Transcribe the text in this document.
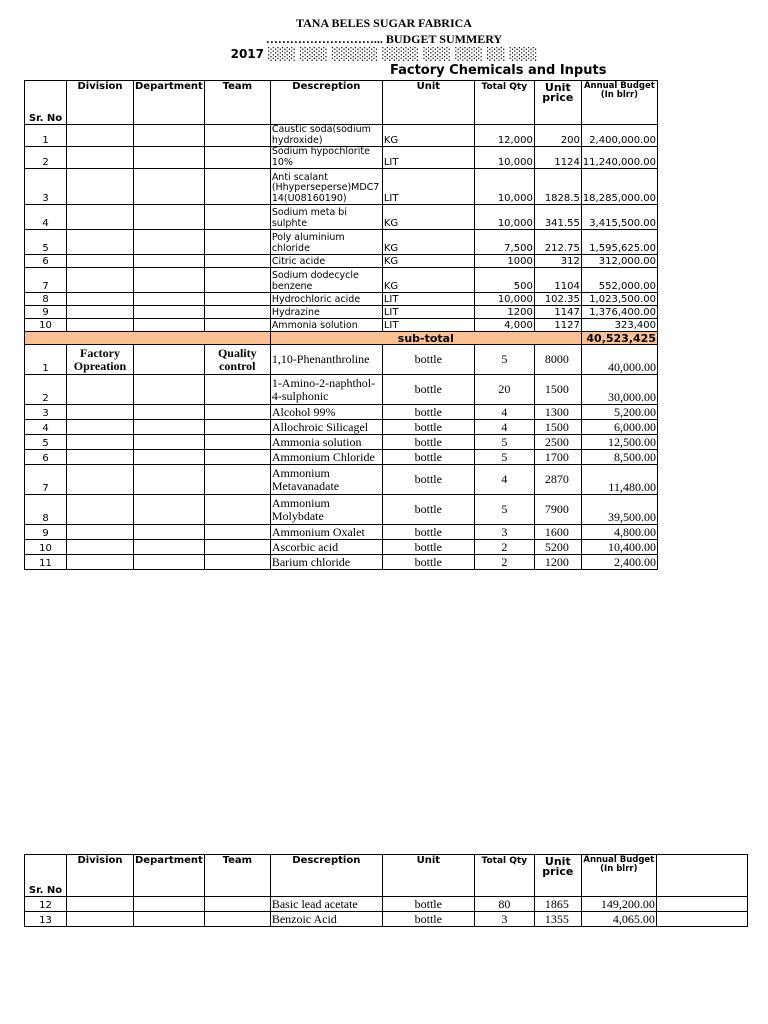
TANA BELES SUGAR FABRICA
………………………... BUDGET SUMMERY
2017 ░░░ ░░░ ░░░░░ ░░░░ ░░░ ░░░ ░░ ░░░
Factory Chemicals and Inputs
Sr. No	Division	Department	Team	Descreption	Unit	Total Qty	Unit price	Annual Budget (In blrr)
1				Caustic soda(sodium hydroxide)	KG	12,000	200	2,400,000.00
2				Sodium hypochlorite 10%	LIT	10,000	1124	11,240,000.00
3				Anti scalant (Hhyperseperse)MDC7 14(U08160190)	LIT	10,000	1828.5	18,285,000.00
4				Sodium meta bi sulphte	KG	10,000	341.55	3,415,500.00
5				Poly aluminium chloride	KG	7,500	212.75	1,595,625.00
6				Citric acide	KG	1000	312	312,000.00
7				Sodium dodecycle benzene	KG	500	1104	552,000.00
8				Hydrochloric acide	LIT	10,000	102.35	1,023,500.00
9				Hydrazine	LIT	1200	1147	1,376,400.00
10				Ammonia solution	LIT	4,000	1127	323,400
				sub-total				40,523,425
1	Factory Opreation		Quality control	1,10-Phenanthroline	bottle	5	8000	40,000.00
2				1-Amino-2-naphthol-4-sulphonic	bottle	20	1500	30,000.00
3				Alcohol 99%	bottle	4	1300	5,200.00
4				Allochroic Silicagel	bottle	4	1500	6,000.00
5				Ammonia solution	bottle	5	2500	12,500.00
6				Ammonium Chloride	bottle	5	1700	8,500.00
7				Ammonium Metavanadate	bottle	4	2870	11,480.00
8				Ammonium Molybdate	bottle	5	7900	39,500.00
9				Ammonium Oxalet	bottle	3	1600	4,800.00
10				Ascorbic acid	bottle	2	5200	10,400.00
11				Barium chloride	bottle	2	1200	2,400.00
Sr. No	Division	Department	Team	Descreption	Unit	Total Qty	Unit price	Annual Budget (In blrr)	
12				Basic lead acetate	bottle	80	1865	149,200.00	
13				Benzoic Acid	bottle	3	1355	4,065.00	
